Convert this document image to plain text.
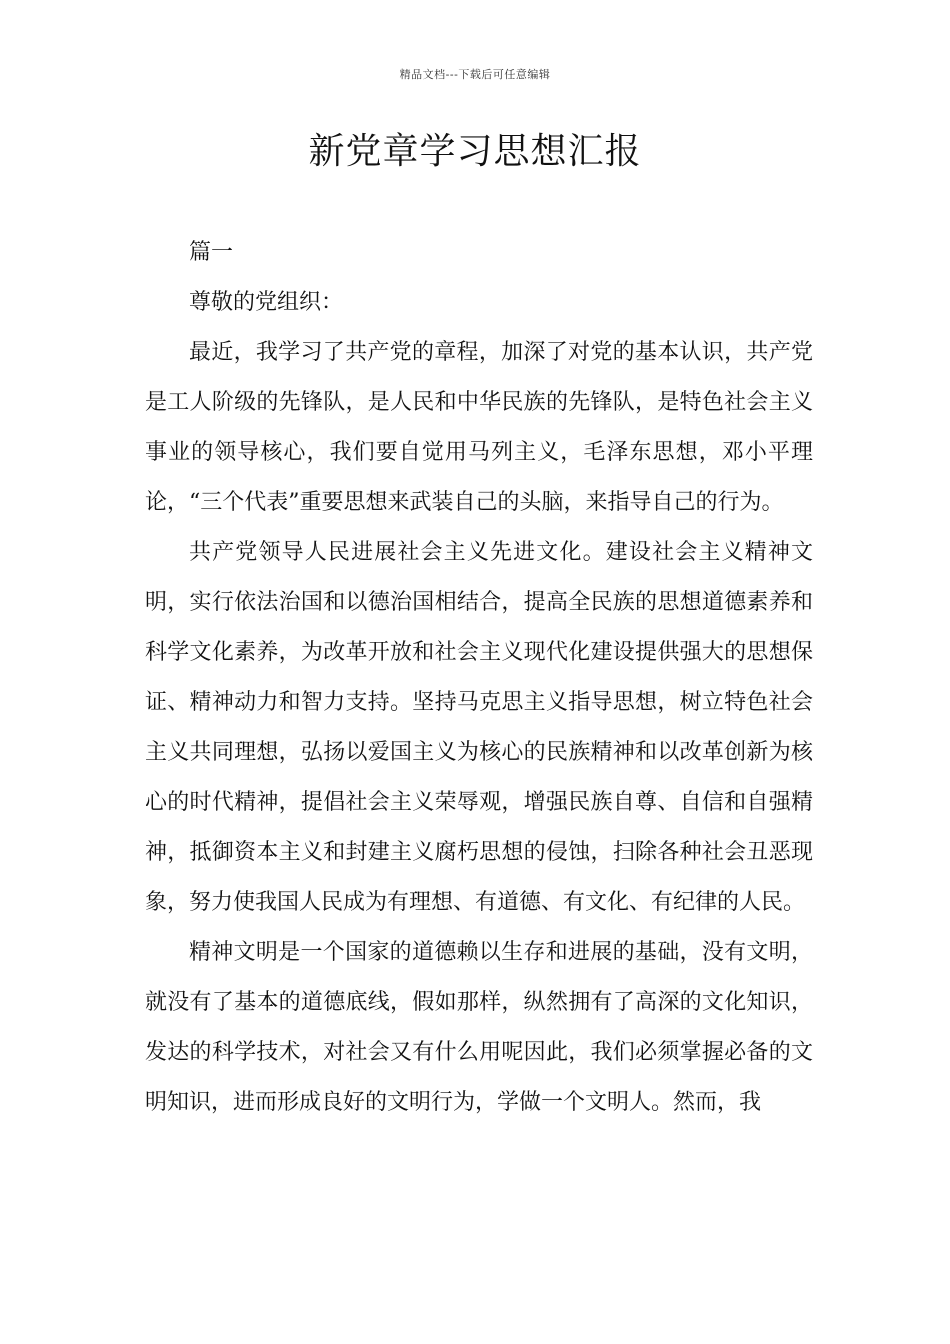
精品文档---下载后可任意编辑
新党章学习思想汇报

篇一

尊敬的党组织：

最近，我学习了共产党的章程，加深了对党的基本认识，共产党是工人阶级的先锋队，是人民和中华民族的先锋队，是特色社会主义事业的领导核心，我们要自觉用马列主义，毛泽东思想，邓小平理论，“三个代表”重要思想来武装自己的头脑，来指导自己的行为。

共产党领导人民进展社会主义先进文化。建设社会主义精神文明，实行依法治国和以德治国相结合，提高全民族的思想道德素养和科学文化素养，为改革开放和社会主义现代化建设提供强大的思想保证、精神动力和智力支持。坚持马克思主义指导思想，树立特色社会主义共同理想，弘扬以爱国主义为核心的民族精神和以改革创新为核心的时代精神，提倡社会主义荣辱观，增强民族自尊、自信和自强精神，抵御资本主义和封建主义腐朽思想的侵蚀，扫除各种社会丑恶现象，努力使我国人民成为有理想、有道德、有文化、有纪律的人民。

精神文明是一个国家的道德赖以生存和进展的基础，没有文明，就没有了基本的道德底线，假如那样，纵然拥有了高深的文化知识，发达的科学技术，对社会又有什么用呢因此，我们必须掌握必备的文明知识，进而形成良好的文明行为，学做一个文明人。然而，我
